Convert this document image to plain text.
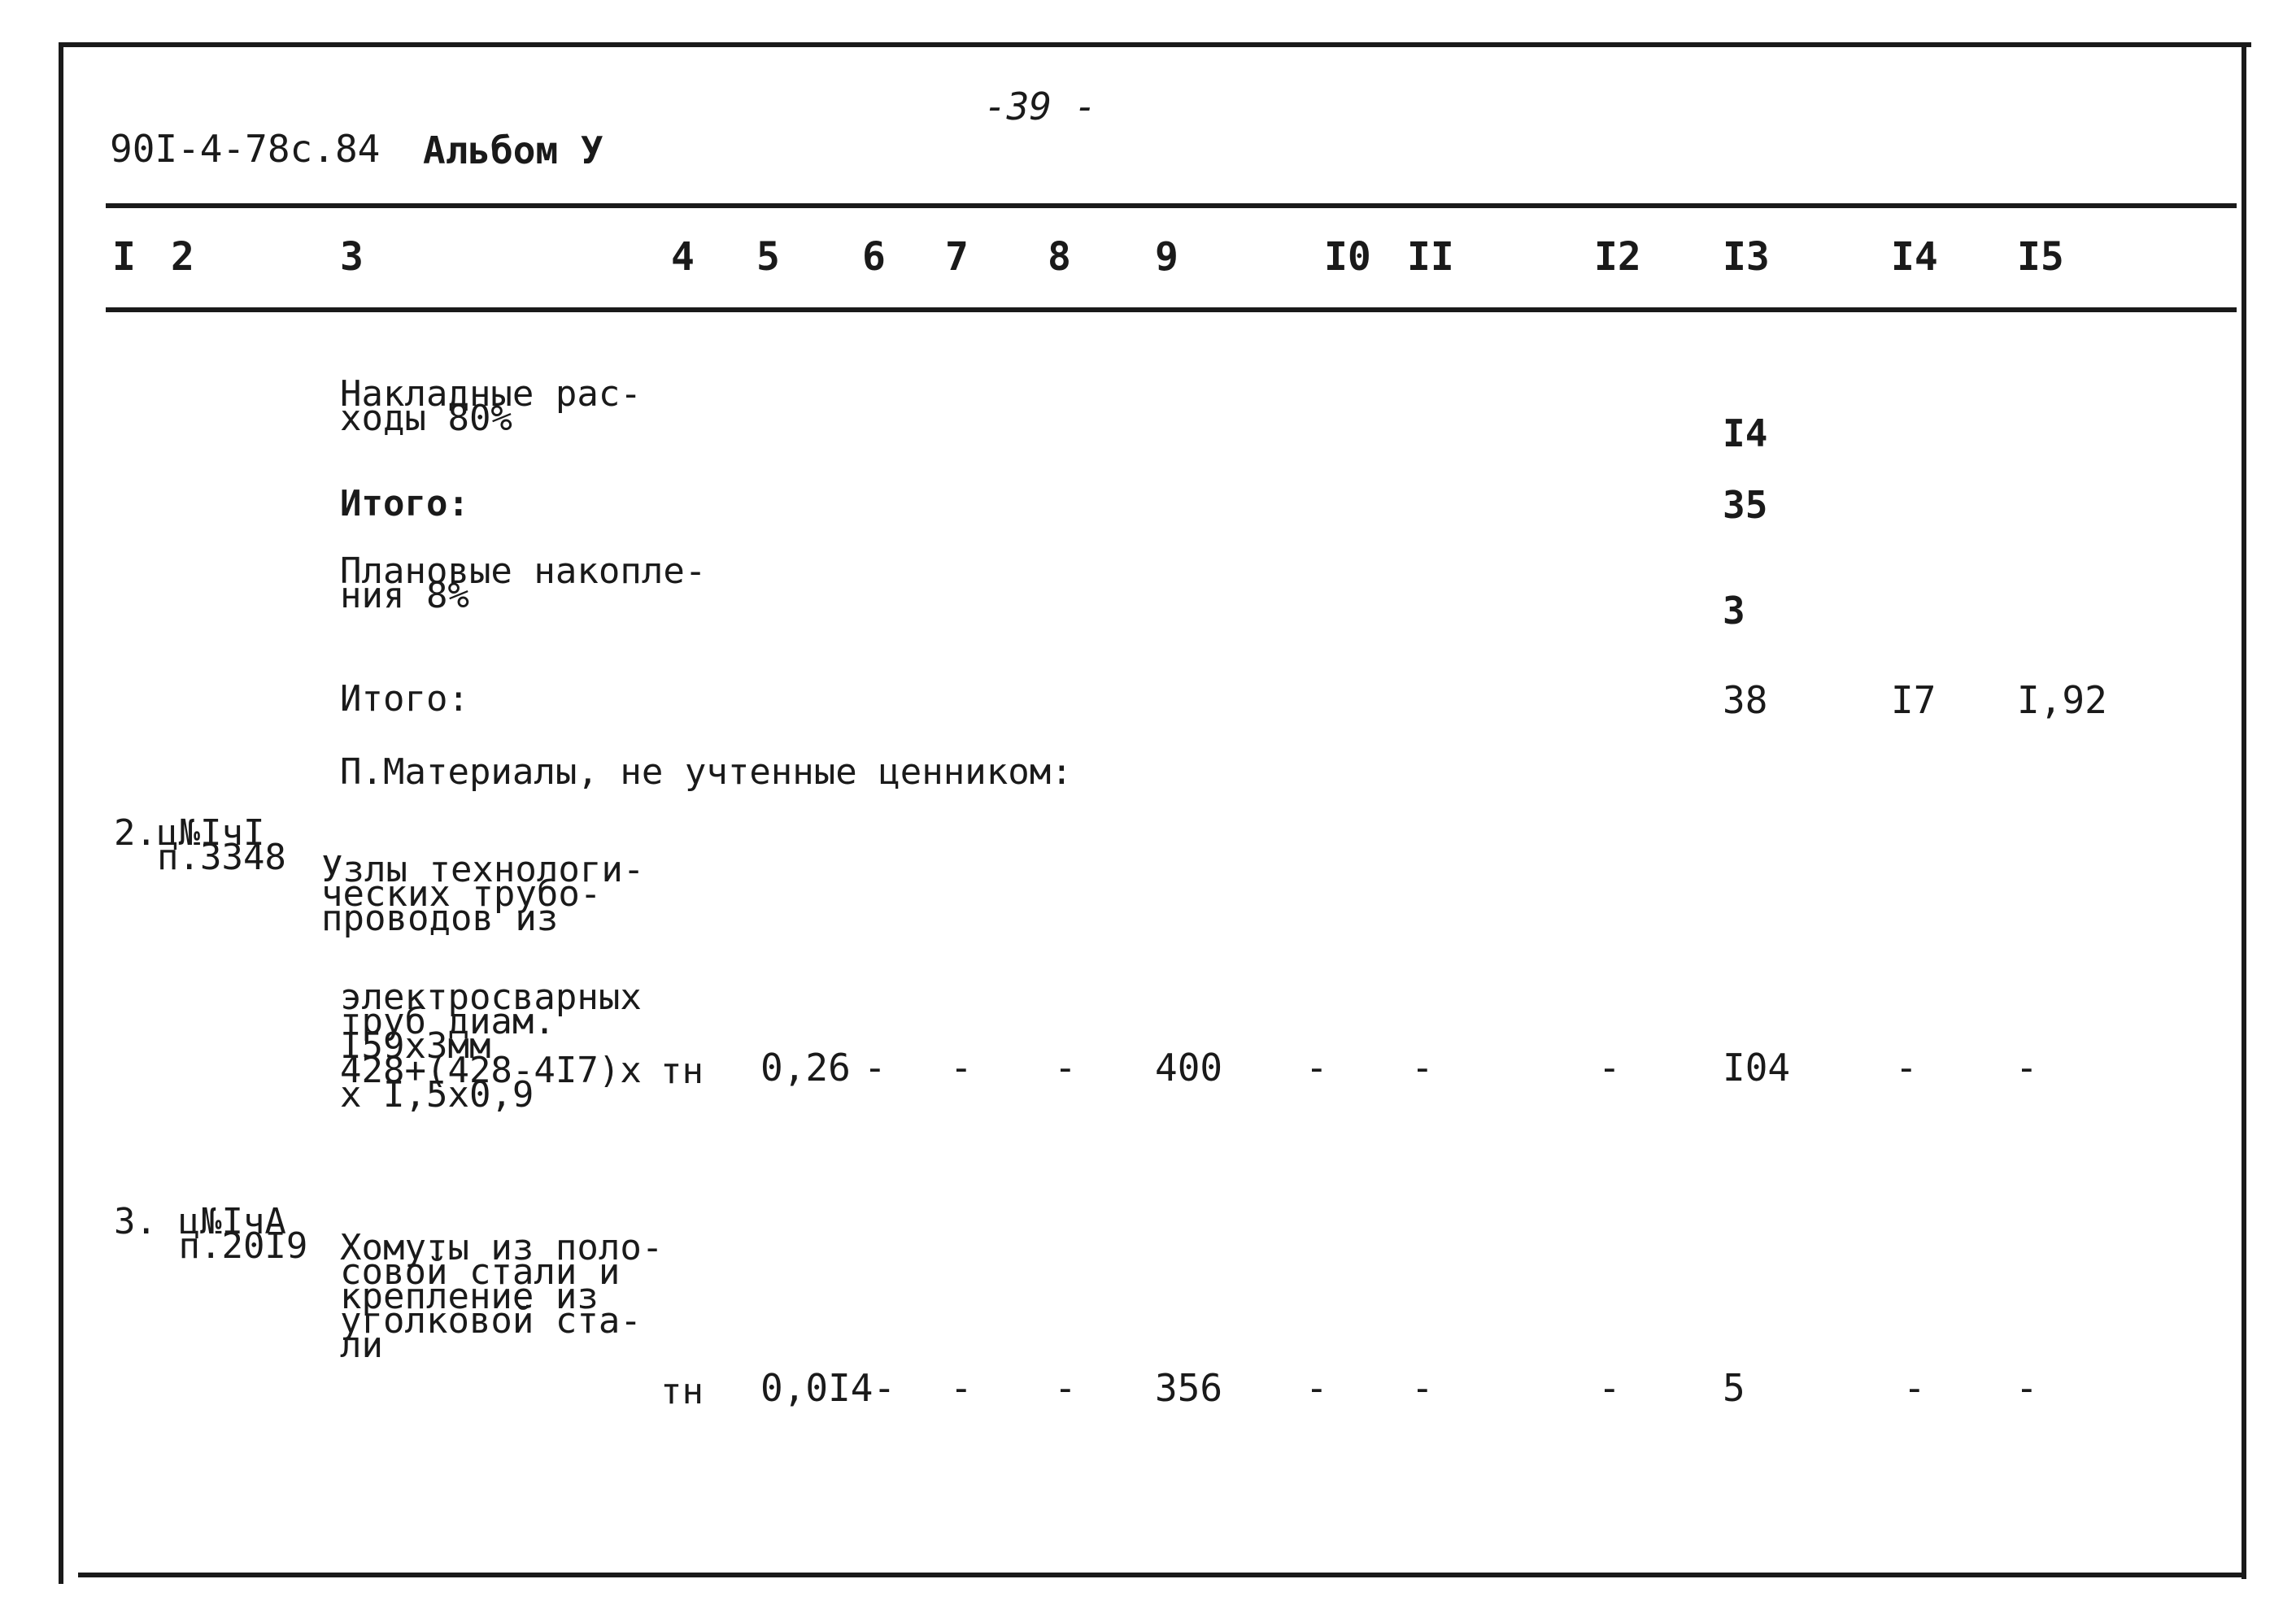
90I-4-78с.84 Альбом У
-39 -
I 2	3	4 5 6 7 8 9	I0 II	I2 I3	I4 I5
Накладные рас-
ходы 80%	I4
Итого:	35
Плановые накопле-
ния 8%	3
Итого:	38	I7 I,92
П.Материалы, не учтенные ценником:
2.ц№IчI
п.3348 Узлы технологи-
ческих трубо-
проводов из
электросварных
труб диам.
I59х3мм
428+(428-4I7)х
х I,5х0,9
тн 0,26 - - - 400 - -	-	I04	-	-
3. ц№IчА
п.20I9 Хомуты из поло-
совой стали и
крепление из
уголковой ста-
ли
тн 0,0I4- - - 356 - -	-	5	- -
